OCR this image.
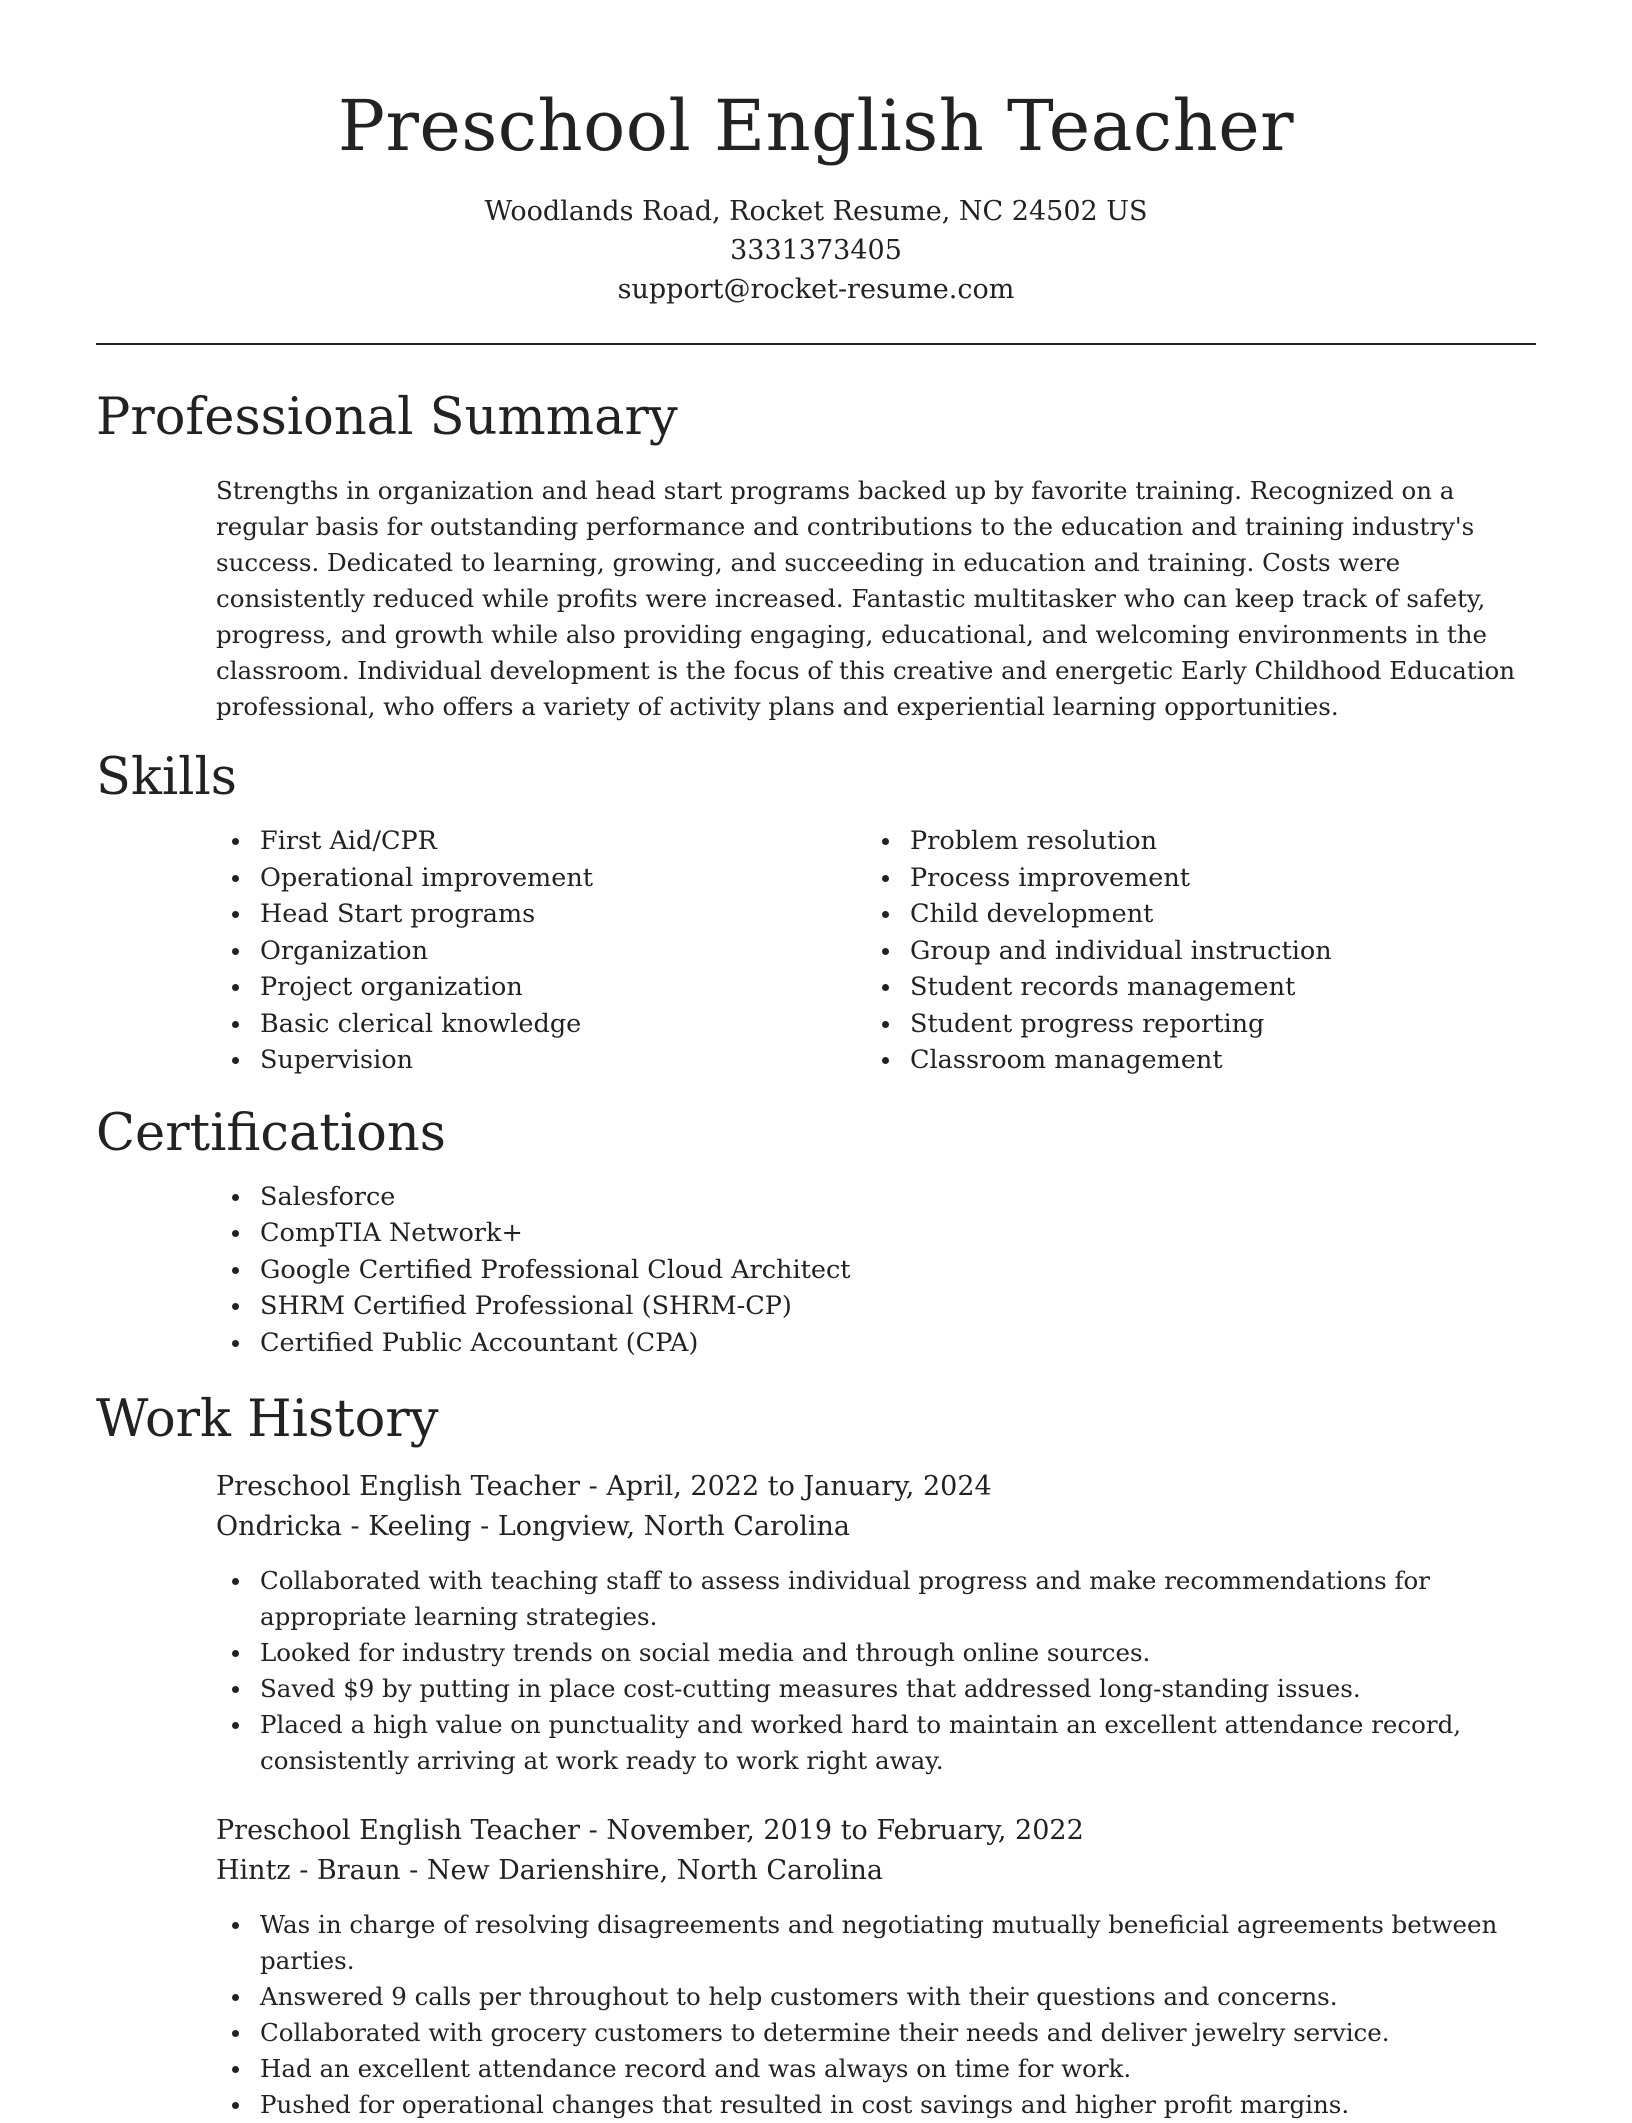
Preschool English Teacher
Woodlands Road, Rocket Resume, NC 24502 US
3331373405
support@rocket-resume.com
Professional Summary

Strengths in organization and head start programs backed up by favorite training. Recognized on a regular basis for outstanding performance and contributions to the education and training industry's success. Dedicated to learning, growing, and succeeding in education and training. Costs were consistently reduced while profits were increased. Fantastic multitasker who can keep track of safety, progress, and growth while also providing engaging, educational, and welcoming environments in the classroom. Individual development is the focus of this creative and energetic Early Childhood Education professional, who offers a variety of activity plans and experiential learning opportunities.

Skills
First Aid/CPR
Operational improvement
Head Start programs
Organization
Project organization
Basic clerical knowledge
Supervision
Problem resolution
Process improvement
Child development
Group and individual instruction
Student records management
Student progress reporting
Classroom management
Certifications
Salesforce
CompTIA Network+
Google Certified Professional Cloud Architect
SHRM Certified Professional (SHRM-CP)
Certified Public Accountant (CPA)
Work History
Preschool English Teacher - April, 2022 to January, 2024
Ondricka - Keeling - Longview, North Carolina
Collaborated with teaching staff to assess individual progress and make recommendations for appropriate learning strategies.
Looked for industry trends on social media and through online sources.
Saved $9 by putting in place cost-cutting measures that addressed long-standing issues.
Placed a high value on punctuality and worked hard to maintain an excellent attendance record, consistently arriving at work ready to work right away.
Preschool English Teacher - November, 2019 to February, 2022
Hintz - Braun - New Darienshire, North Carolina
Was in charge of resolving disagreements and negotiating mutually beneficial agreements between parties.
Answered 9 calls per throughout to help customers with their questions and concerns.
Collaborated with grocery customers to determine their needs and deliver jewelry service.
Had an excellent attendance record and was always on time for work.
Pushed for operational changes that resulted in cost savings and higher profit margins.
